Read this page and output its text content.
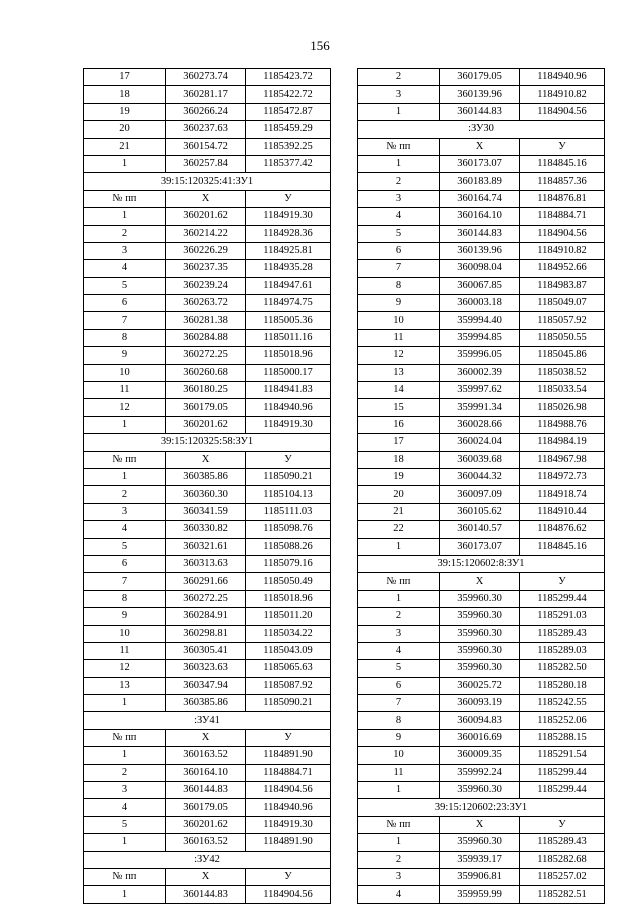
156
17	360273.74	1185423.72
18	360281.17	1185422.72
19	360266.24	1185472.87
20	360237.63	1185459.29
21	360154.72	1185392.25
1	360257.84	1185377.42
39:15:120325:41:ЗУ1		
№ пп	X	У
1	360201.62	1184919.30
2	360214.22	1184928.36
3	360226.29	1184925.81
4	360237.35	1184935.28
5	360239.24	1184947.61
6	360263.72	1184974.75
7	360281.38	1185005.36
8	360284.88	1185011.16
9	360272.25	1185018.96
10	360260.68	1185000.17
11	360180.25	1184941.83
12	360179.05	1184940.96
1	360201.62	1184919.30
39:15:120325:58:ЗУ1		
№ пп	X	У
1	360385.86	1185090.21
2	360360.30	1185104.13
3	360341.59	1185111.03
4	360330.82	1185098.76
5	360321.61	1185088.26
6	360313.63	1185079.16
7	360291.66	1185050.49
8	360272.25	1185018.96
9	360284.91	1185011.20
10	360298.81	1185034.22
11	360305.41	1185043.09
12	360323.63	1185065.63
13	360347.94	1185087.92
1	360385.86	1185090.21
:ЗУ41		
№ пп	X	У
1	360163.52	1184891.90
2	360164.10	1184884.71
3	360144.83	1184904.56
4	360179.05	1184940.96
5	360201.62	1184919.30
1	360163.52	1184891.90
:ЗУ42		
№ пп	X	У
1	360144.83	1184904.56
2	360179.05	1184940.96
3	360139.96	1184910.82
1	360144.83	1184904.56
:ЗУ30		
№ пп	X	У
1	360173.07	1184845.16
2	360183.89	1184857.36
3	360164.74	1184876.81
4	360164.10	1184884.71
5	360144.83	1184904.56
6	360139.96	1184910.82
7	360098.04	1184952.66
8	360067.85	1184983.87
9	360003.18	1185049.07
10	359994.40	1185057.92
11	359994.85	1185050.55
12	359996.05	1185045.86
13	360002.39	1185038.52
14	359997.62	1185033.54
15	359991.34	1185026.98
16	360028.66	1184988.76
17	360024.04	1184984.19
18	360039.68	1184967.98
19	360044.32	1184972.73
20	360097.09	1184918.74
21	360105.62	1184910.44
22	360140.57	1184876.62
1	360173.07	1184845.16
39:15:120602:8:ЗУ1		
№ пп	X	У
1	359960.30	1185299.44
2	359960.30	1185291.03
3	359960.30	1185289.43
4	359960.30	1185289.03
5	359960.30	1185282.50
6	360025.72	1185280.18
7	360093.19	1185242.55
8	360094.83	1185252.06
9	360016.69	1185288.15
10	360009.35	1185291.54
11	359992.24	1185299.44
1	359960.30	1185299.44
39:15:120602:23:ЗУ1		
№ пп	X	У
1	359960.30	1185289.43
2	359939.17	1185282.68
3	359906.81	1185257.02
4	359959.99	1185282.51
